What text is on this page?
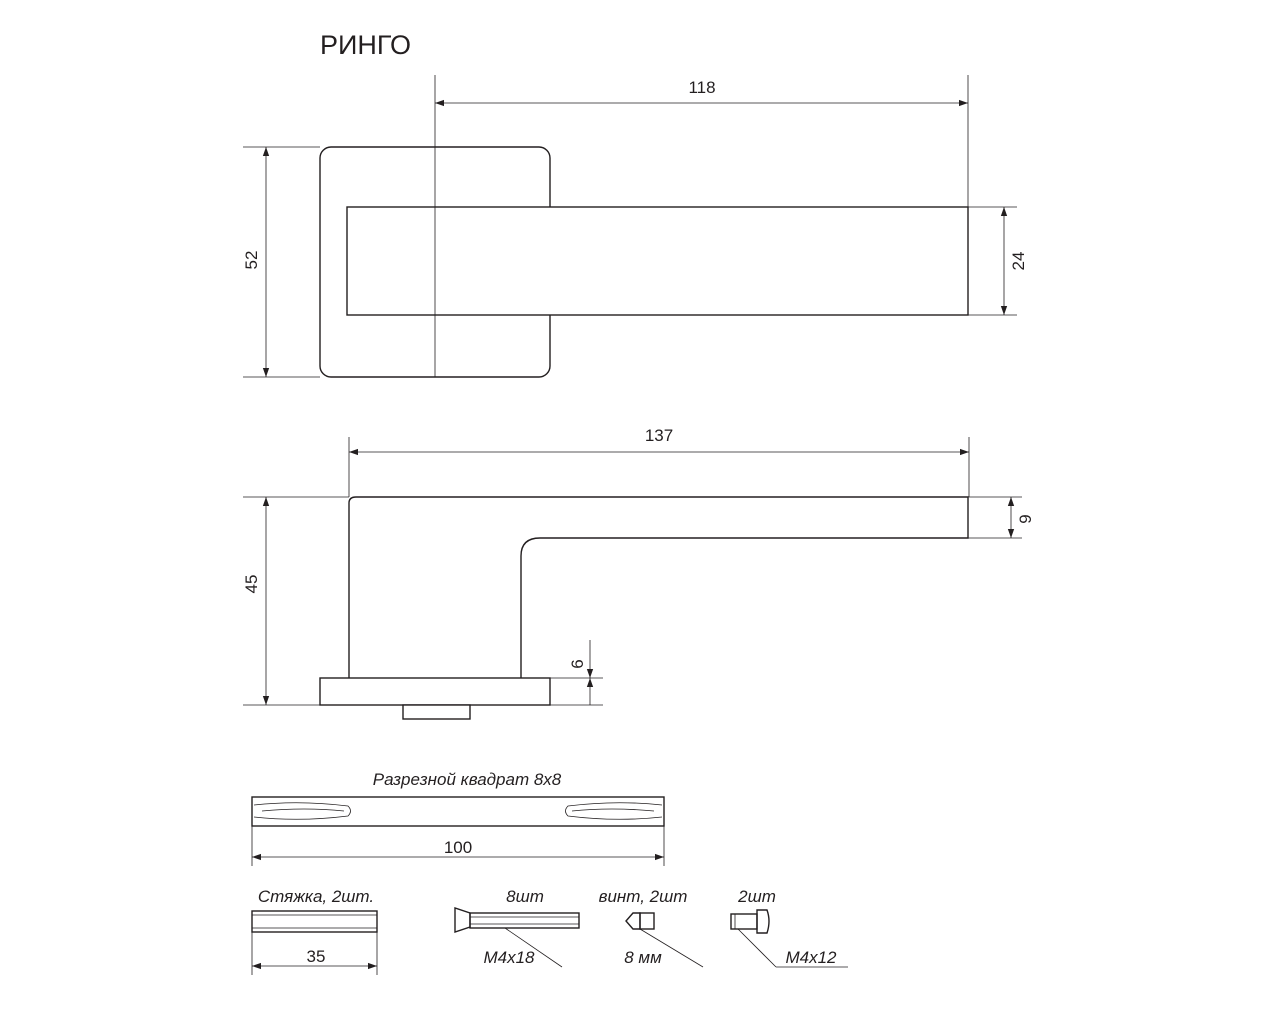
РИНГО
118
52	24
137
45
9
6
Разрезной квадрат 8х8
100
Стяжка, 2шт.
35
8шт
M4x18
винт, 2шт
8 мм
2шт
M4x12
